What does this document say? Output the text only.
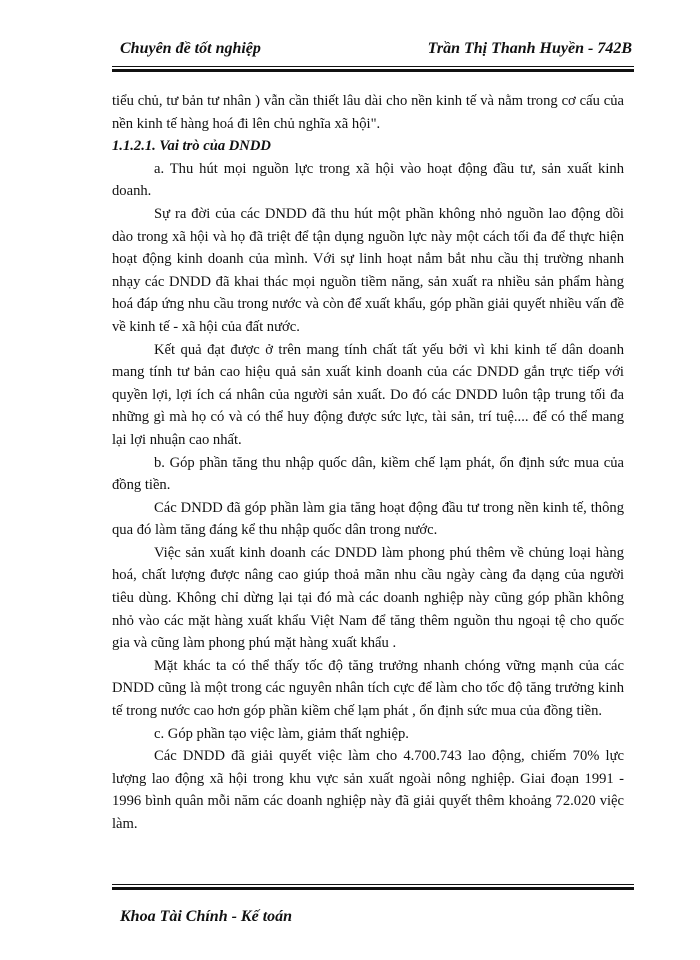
Chuyên đề tốt nghiệp	Trần Thị Thanh Huyền - 742B

tiểu chủ, tư bản tư nhân ) vẫn cần thiết lâu dài cho nền kinh tế và nằm trong cơ cấu của nền kinh tế hàng hoá đi lên chủ nghĩa xã hội".

1.1.2.1. Vai trò của DNDD

a. Thu hút mọi nguồn lực trong xã hội vào hoạt động đầu tư, sản xuất kinh doanh.

Sự ra đời của các DNDD đã thu hút một phần không nhỏ nguồn lao động dồi dào trong xã hội và họ đã triệt để tận dụng nguồn lực này một cách tối đa để thực hiện hoạt động kinh doanh của mình. Với sự linh hoạt nắm bắt nhu cầu thị trường nhanh nhạy các DNDD đã khai thác mọi nguồn tiềm năng, sản xuất ra nhiều sản phẩm hàng hoá đáp ứng nhu cầu trong nước và còn để xuất khẩu, góp phần giải quyết nhiều vấn đề về kinh tế - xã hội của đất nước.

Kết quả đạt được ở trên mang tính chất tất yếu bởi vì khi kinh tế dân doanh mang tính tư bản cao hiệu quả sản xuất kinh doanh của các DNDD gắn trực tiếp với quyền lợi, lợi ích cá nhân của người sản xuất. Do đó các DNDD luôn tập trung tối đa những gì mà họ có và có thể huy động được sức lực, tài sản, trí tuệ.... để có thể mang lại lợi nhuận cao nhất.

b. Góp phần tăng thu nhập quốc dân, kiềm chế lạm phát, ổn định sức mua của đồng tiền.

Các DNDD đã góp phần làm gia tăng hoạt động đầu tư trong nền kinh tế, thông qua đó làm tăng đáng kể thu nhập quốc dân trong nước.

Việc sản xuất kinh doanh các DNDD làm phong phú thêm về chủng loại hàng hoá, chất lượng được nâng cao giúp thoả mãn nhu cầu ngày càng đa dạng của người tiêu dùng. Không chỉ dừng lại tại đó mà các doanh nghiệp này cũng góp phần không nhỏ vào các mặt hàng xuất khẩu Việt Nam để tăng thêm nguồn thu ngoại tệ cho quốc gia và cũng làm phong phú mặt hàng xuất khẩu .

Mặt khác ta có thể thấy tốc độ tăng trưởng nhanh chóng vững mạnh của các DNDD cũng là một trong các nguyên nhân tích cực để làm cho tốc độ tăng trưởng kinh tế trong nước cao hơn góp phần kiềm chế lạm phát , ổn định sức mua của đồng tiền.

c. Góp phần tạo việc làm, giảm thất nghiệp.

Các DNDD đã giải quyết việc làm cho 4.700.743 lao động, chiếm 70% lực lượng lao động xã hội trong khu vực sản xuất ngoài nông nghiệp. Giai đoạn 1991 - 1996 bình quân mỗi năm các doanh nghiệp này đã giải quyết thêm khoảng 72.020 việc làm.

Khoa Tài Chính - Kế toán
